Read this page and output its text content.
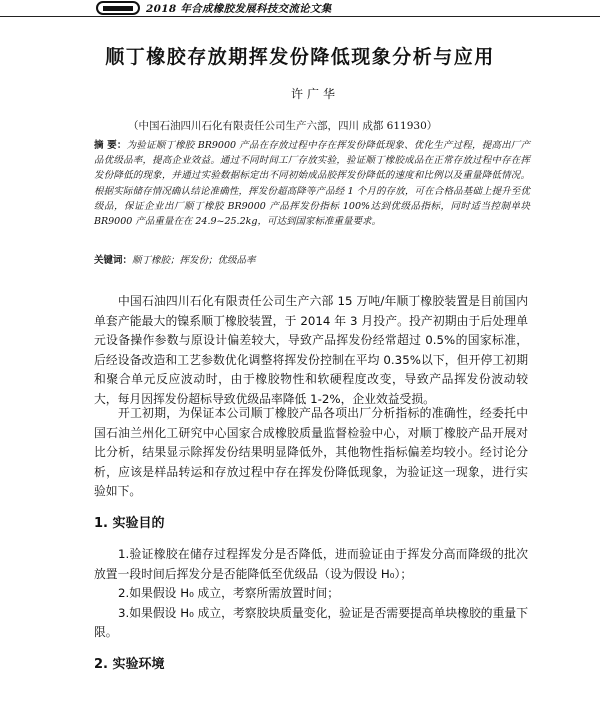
2018 年合成橡胶发展科技交流论文集
顺丁橡胶存放期挥发份降低现象分析与应用
许广华
（中国石油四川石化有限责任公司生产六部，四川 成都 611930）
摘 要：为验证顺丁橡胶 BR9000 产品在存放过程中存在挥发份降低现象、优化生产过程，提高出厂产品优级品率，提高企业效益。通过不同时间工厂存放实验，验证顺丁橡胶成品在正常存放过程中存在挥发份降低的现象，并通过实验数据标定出不同初始成品胶挥发份降低的速度和比例以及重量降低情况。根据实际储存情况确认结论准确性，挥发份超高降等产品经 1 个月的存放，可在合格品基础上提升至优级品，保证企业出厂顺丁橡胶 BR9000 产品挥发份指标 100%达到优级品指标，同时适当控制单块 BR9000 产品重量在在 24.9~25.2kg，可达到国家标准重量要求。
关键词：顺丁橡胶；挥发份；优级品率

中国石油四川石化有限责任公司生产六部 15 万吨/年顺丁橡胶装置是目前国内单套产能最大的镍系顺丁橡胶装置，于 2014 年 3 月投产。投产初期由于后处理单元设备操作参数与原设计偏差较大，导致产品挥发份经常超过 0.5%的国家标准，后经设备改造和工艺参数优化调整将挥发份控制在平均 0.35%以下，但开停工初期和聚合单元反应波动时，由于橡胶物性和软硬程度改变，导致产品挥发份波动较大，每月因挥发份超标导致优级品率降低 1-2%，企业效益受损。

开工初期，为保证本公司顺丁橡胶产品各项出厂分析指标的准确性，经委托中国石油兰州化工研究中心国家合成橡胶质量监督检验中心，对顺丁橡胶产品开展对比分析，结果显示除挥发份结果明显降低外，其他物性指标偏差均较小。经讨论分析，应该是样品转运和存放过程中存在挥发份降低现象，为验证这一现象，进行实验如下。

1. 实验目的

1.验证橡胶在储存过程挥发分是否降低，进而验证由于挥发分高而降级的批次放置一段时间后挥发分是否能降低至优级品（设为假设 H₀）；

2.如果假设 H₀ 成立，考察所需放置时间；

3.如果假设 H₀ 成立，考察胶块质量变化，验证是否需要提高单块橡胶的重量下限。

2. 实验环境
